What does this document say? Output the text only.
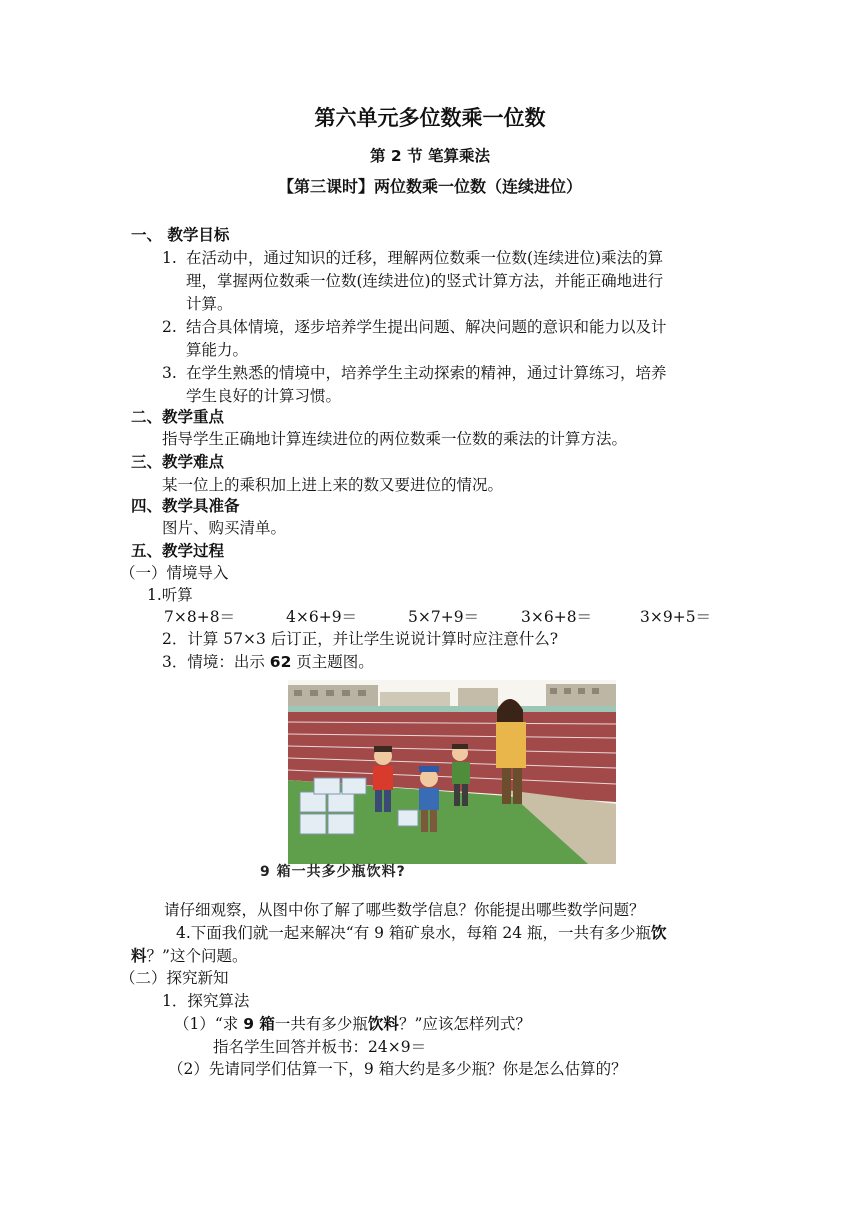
第六单元多位数乘一位数
第 2 节 笔算乘法
【第三课时】两位数乘一位数（连续进位）
一、 教学目标
1. 在活动中，通过知识的迁移，理解两位数乘一位数(连续进位)乘法的算
理，掌握两位数乘一位数(连续进位)的竖式计算方法，并能正确地进行
计算。
2. 结合具体情境，逐步培养学生提出问题、解决问题的意识和能力以及计
算能力。
3. 在学生熟悉的情境中，培养学生主动探索的精神，通过计算练习，培养
学生良好的计算习惯。
二、教学重点
指导学生正确地计算连续进位的两位数乘一位数的乘法的计算方法。
三、教学难点
某一位上的乘积加上进上来的数又要进位的情况。
四、教学具准备
图片、购买清单。
五、教学过程
（一）情境导入
1.听算
7×8+8＝	4×6+9＝	5×7+9＝	3×6+8＝	3×9+5＝
2．计算 57×3 后订正，并让学生说说计算时应注意什么?
3．情境：出示 62 页主题图。
9 箱一共多少瓶饮料?
请仔细观察，从图中你了解了哪些数学信息？你能提出哪些数学问题？
4.下面我们就一起来解决“有 9 箱矿泉水，每箱 24 瓶，一共有多少瓶饮
料？”这个问题。
（二）探究新知
1．探究算法
（1）“求 9 箱一共有多少瓶饮料？”应该怎样列式？
指名学生回答并板书：24×9＝
（2）先请同学们估算一下，9 箱大约是多少瓶？你是怎么估算的？
